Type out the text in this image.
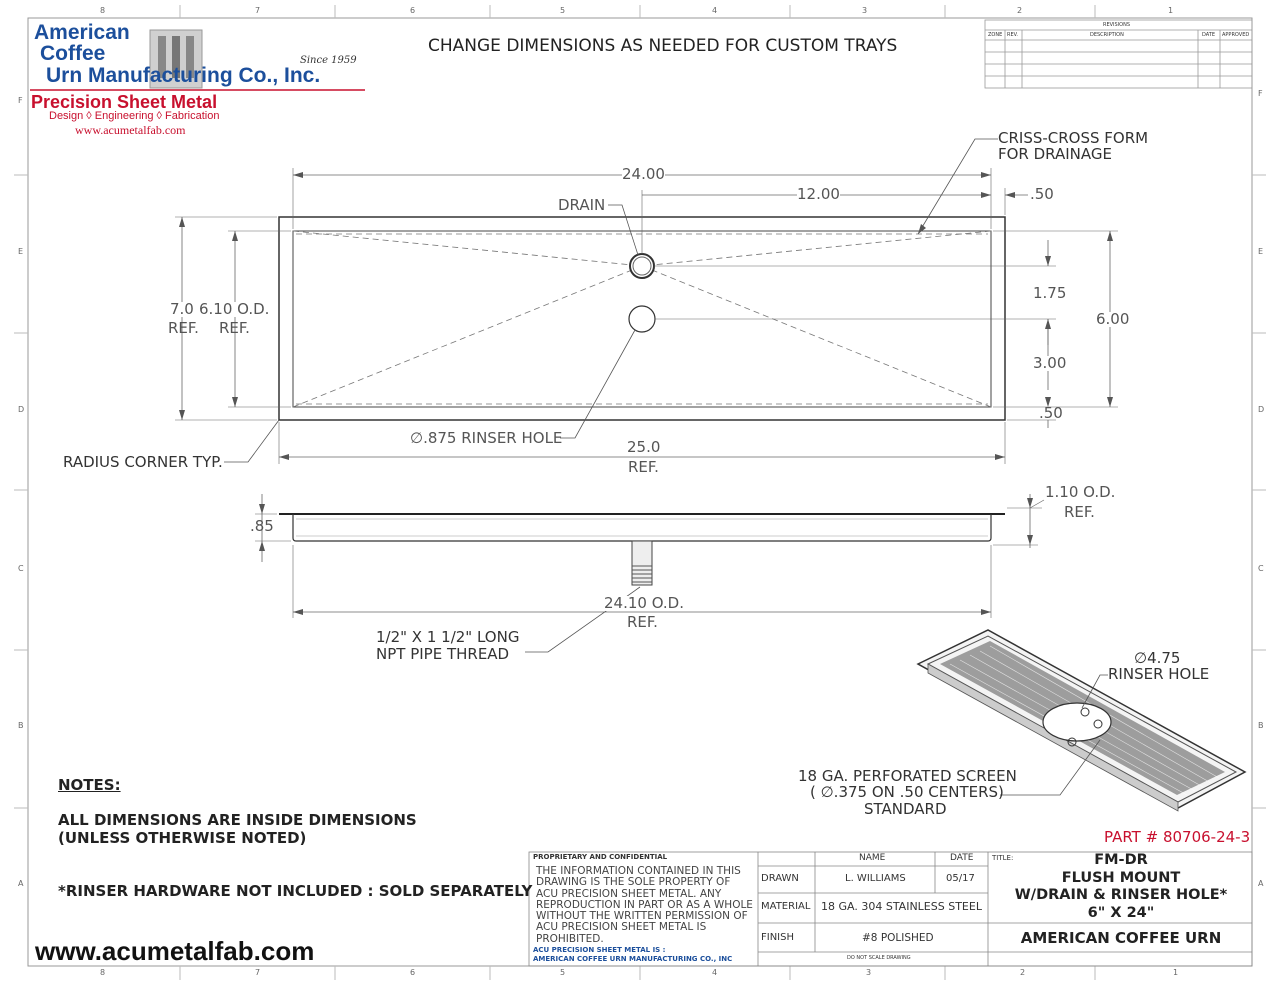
8	7	6	5	4	3	2	1
8	7	6	5	4	3	2	1
F
E
D
C
B
A
F
E
D
C
B
A
American
Coffee
Urn Manufacturing Co., Inc.
Since 1959
Precision Sheet Metal
Design ◊ Engineering ◊ Fabrication
www.acumetalfab.com
CHANGE DIMENSIONS AS NEEDED FOR CUSTOM TRAYS
REVISIONS
ZONE REV.	DESCRIPTION	DATE APPROVED
CRISS-CROSS FORM
FOR DRAINAGE
24.00
12.00	.50
DRAIN
7.0
REF.
6.10 O.D.
REF.
1.75
6.00
3.00
.50
∅.875 RINSER HOLE	25.0
REF.
RADIUS CORNER TYP.
1.10 O.D.
REF.
.85
24.10 O.D.
REF.
1/2" X 1 1/2" LONG
NPT PIPE THREAD	∅4.75
RINSER HOLE
18 GA. PERFORATED SCREEN
( ∅.375 ON .50 CENTERS)
STANDARD
NOTES:
ALL DIMENSIONS ARE INSIDE DIMENSIONS
(UNLESS OTHERWISE NOTED)
*RINSER HARDWARE NOT INCLUDED : SOLD SEPARATELY
www.acumetalfab.com
PART # 80706-24-3
PROPRIETARY AND CONFIDENTIAL
THE INFORMATION CONTAINED IN THIS
DRAWING IS THE SOLE PROPERTY OF
ACU PRECISION SHEET METAL. ANY
REPRODUCTION IN PART OR AS A WHOLE
WITHOUT THE WRITTEN PERMISSION OF
ACU PRECISION SHEET METAL IS
PROHIBITED.
ACU PRECISION SHEET METAL IS :
AMERICAN COFFEE URN MANUFACTURING CO., INC
NAME	DATE
DRAWN	L. WILLIAMS	05/17
MATERIAL 18 GA. 304 STAINLESS STEEL
FINISH	#8 POLISHED
DO NOT SCALE DRAWING
TITLE:	FM-DR
FLUSH MOUNT
W/DRAIN & RINSER HOLE*
6" X 24"
AMERICAN COFFEE URN
